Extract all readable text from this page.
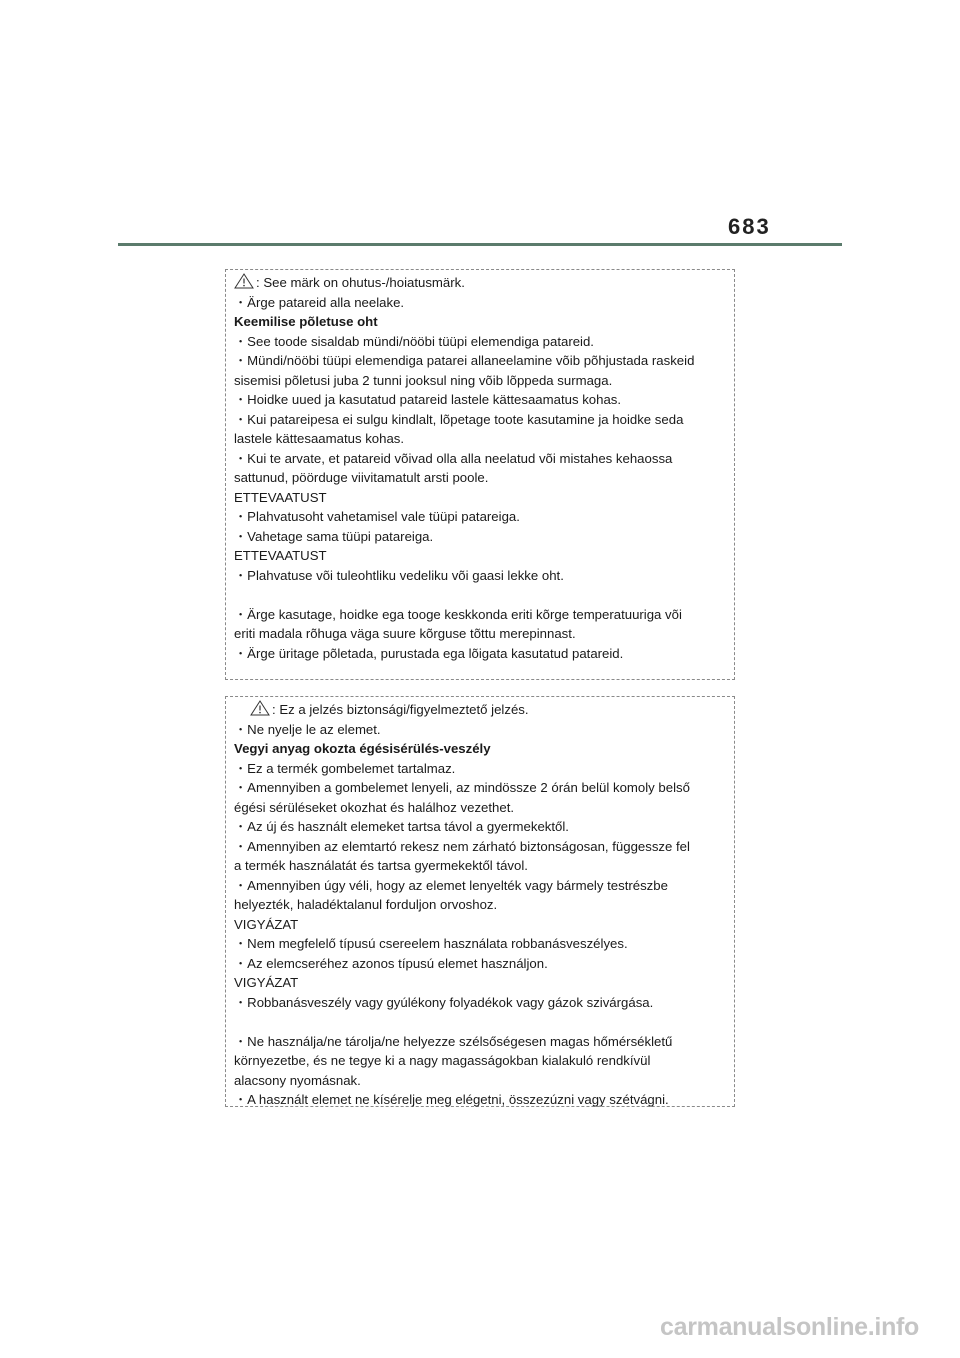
683
: See märk on ohutus-/hoiatusmärk.
・Ärge patareid alla neelake.
Keemilise põletuse oht
・See toode sisaldab mündi/nööbi tüüpi elemendiga patareid.
・Mündi/nööbi tüüpi elemendiga patarei allaneelamine võib põhjustada raskeid
sisemisi põletusi juba 2 tunni jooksul ning võib lõppeda surmaga.
・Hoidke uued ja kasutatud patareid lastele kättesaamatus kohas.
・Kui patareipesa ei sulgu kindlalt, lõpetage toote kasutamine ja hoidke seda
lastele kättesaamatus kohas.
・Kui te arvate, et patareid võivad olla alla neelatud või mistahes kehaossa
sattunud, pöörduge viivitamatult arsti poole.
ETTEVAATUST
・Plahvatusoht vahetamisel vale tüüpi patareiga.
・Vahetage sama tüüpi patareiga.
ETTEVAATUST
・Plahvatuse või tuleohtliku vedeliku või gaasi lekke oht.
・Ärge kasutage, hoidke ega tooge keskkonda eriti kõrge temperatuuriga või
eriti madala rõhuga väga suure kõrguse tõttu merepinnast.
・Ärge üritage põletada, purustada ega lõigata kasutatud patareid.
: Ez a jelzés biztonsági/figyelmeztető jelzés.
・Ne nyelje le az elemet.
Vegyi anyag okozta égésisérülés-veszély
・Ez a termék gombelemet tartalmaz.
・Amennyiben a gombelemet lenyeli, az mindössze 2 órán belül komoly belső
égési sérüléseket okozhat és halálhoz vezethet.
・Az új és használt elemeket tartsa távol a gyermekektől.
・Amennyiben az elemtartó rekesz nem zárható biztonságosan, függessze fel
a termék használatát és tartsa gyermekektől távol.
・Amennyiben úgy véli, hogy az elemet lenyelték vagy bármely testrészbe
helyezték, haladéktalanul forduljon orvoshoz.
VIGYÁZAT
・Nem megfelelő típusú csereelem használata robbanásveszélyes.
・Az elemcseréhez azonos típusú elemet használjon.
VIGYÁZAT
・Robbanásveszély vagy gyúlékony folyadékok vagy gázok szivárgása.
・Ne használja/ne tárolja/ne helyezze szélsőségesen magas hőmérsékletű
környezetbe, és ne tegye ki a nagy magasságokban kialakuló rendkívül
alacsony nyomásnak.
・A használt elemet ne kísérelje meg elégetni, összezúzni vagy szétvágni.
carmanualsonline.info
